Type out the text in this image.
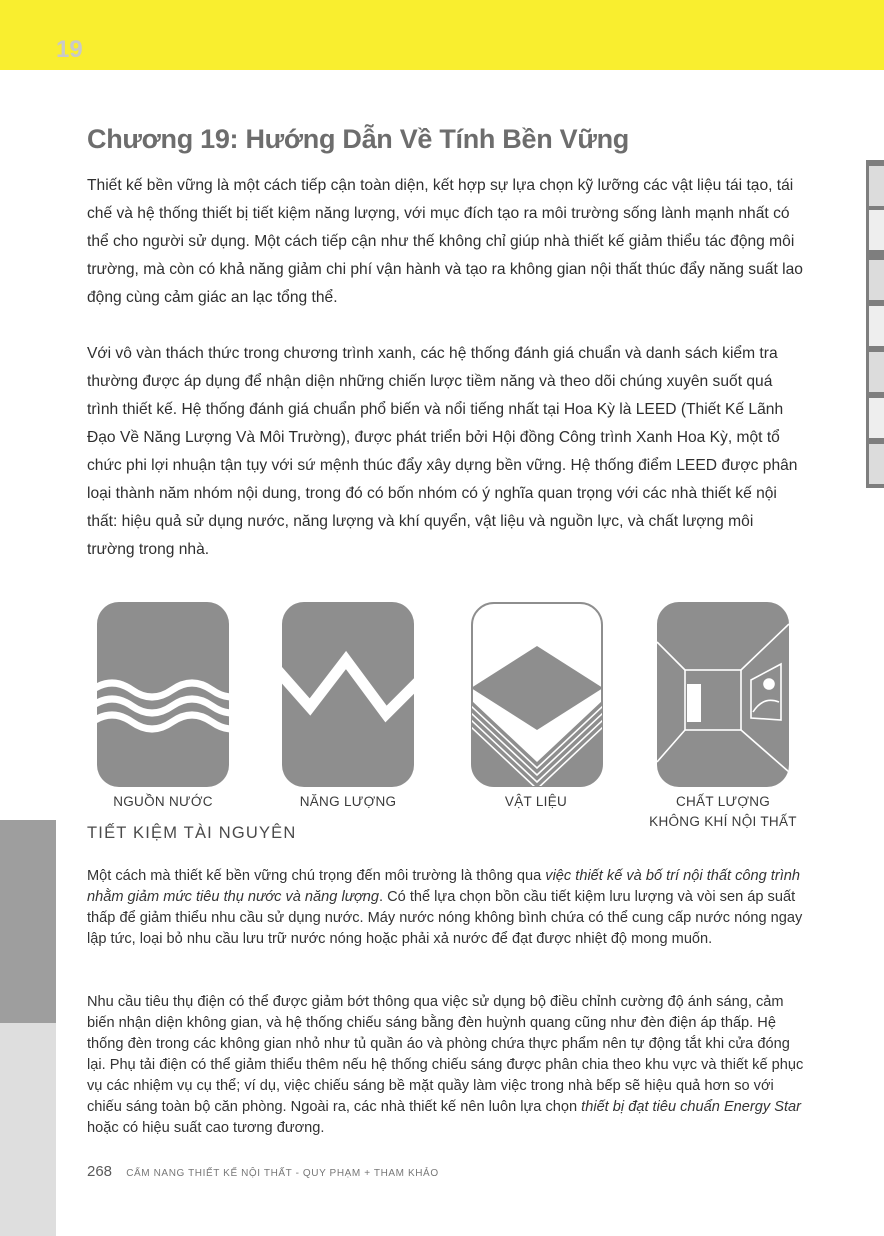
19
Chương 19: Hướng Dẫn Về Tính Bền Vững

Thiết kế bền vững là một cách tiếp cận toàn diện, kết hợp sự lựa chọn kỹ lưỡng các vật liệu tái tạo, tái chế và hệ thống thiết bị tiết kiệm năng lượng, với mục đích tạo ra môi trường sống lành mạnh nhất có thể cho người sử dụng. Một cách tiếp cận như thế không chỉ giúp nhà thiết kế giảm thiểu tác động môi trường, mà còn có khả năng giảm chi phí vận hành và tạo ra không gian nội thất thúc đẩy năng suất lao động cùng cảm giác an lạc tổng thể.

Với vô vàn thách thức trong chương trình xanh, các hệ thống đánh giá chuẩn và danh sách kiểm tra thường được áp dụng để nhận diện những chiến lược tiềm năng và theo dõi chúng xuyên suốt quá trình thiết kế. Hệ thống đánh giá chuẩn phổ biến và nổi tiếng nhất tại Hoa Kỳ là LEED (Thiết Kế Lãnh Đạo Về Năng Lượng Và Môi Trường), được phát triển bởi Hội đồng Công trình Xanh Hoa Kỳ, một tổ chức phi lợi nhuận tận tụy với sứ mệnh thúc đẩy xây dựng bền vững. Hệ thống điểm LEED được phân loại thành năm nhóm nội dung, trong đó có bốn nhóm có ý nghĩa quan trọng với các nhà thiết kế nội thất: hiệu quả sử dụng nước, năng lượng và khí quyển, vật liệu và nguồn lực, và chất lượng môi trường trong nhà.

NGUỒN NƯỚC	NĂNG LƯỢNG	VẬT LIỆU	CHẤT LƯỢNG
KHÔNG KHÍ NỘI THẤT
TIẾT KIỆM TÀI NGUYÊN

Một cách mà thiết kế bền vững chú trọng đến môi trường là thông qua việc thiết kế và bố trí nội thất công trình nhằm giảm mức tiêu thụ nước và năng lượng. Có thể lựa chọn bồn cầu tiết kiệm lưu lượng và vòi sen áp suất thấp để giảm thiểu nhu cầu sử dụng nước. Máy nước nóng không bình chứa có thể cung cấp nước nóng ngay lập tức, loại bỏ nhu cầu lưu trữ nước nóng hoặc phải xả nước để đạt được nhiệt độ mong muốn.

Nhu cầu tiêu thụ điện có thể được giảm bớt thông qua việc sử dụng bộ điều chỉnh cường độ ánh sáng, cảm biến nhận diện không gian, và hệ thống chiếu sáng bằng đèn huỳnh quang cũng như đèn điện áp thấp. Hệ thống đèn trong các không gian nhỏ như tủ quần áo và phòng chứa thực phẩm nên tự động tắt khi cửa đóng lại. Phụ tải điện có thể giảm thiểu thêm nếu hệ thống chiếu sáng được phân chia theo khu vực và thiết kế phục vụ các nhiệm vụ cụ thể; ví dụ, việc chiếu sáng bề mặt quầy làm việc trong nhà bếp sẽ hiệu quả hơn so với chiếu sáng toàn bộ căn phòng. Ngoài ra, các nhà thiết kế nên luôn lựa chọn thiết bị đạt tiêu chuẩn Energy Star hoặc có hiệu suất cao tương đương.

268 CẨM NANG THIẾT KẾ NỘI THẤT - QUY PHẠM + THAM KHẢO
